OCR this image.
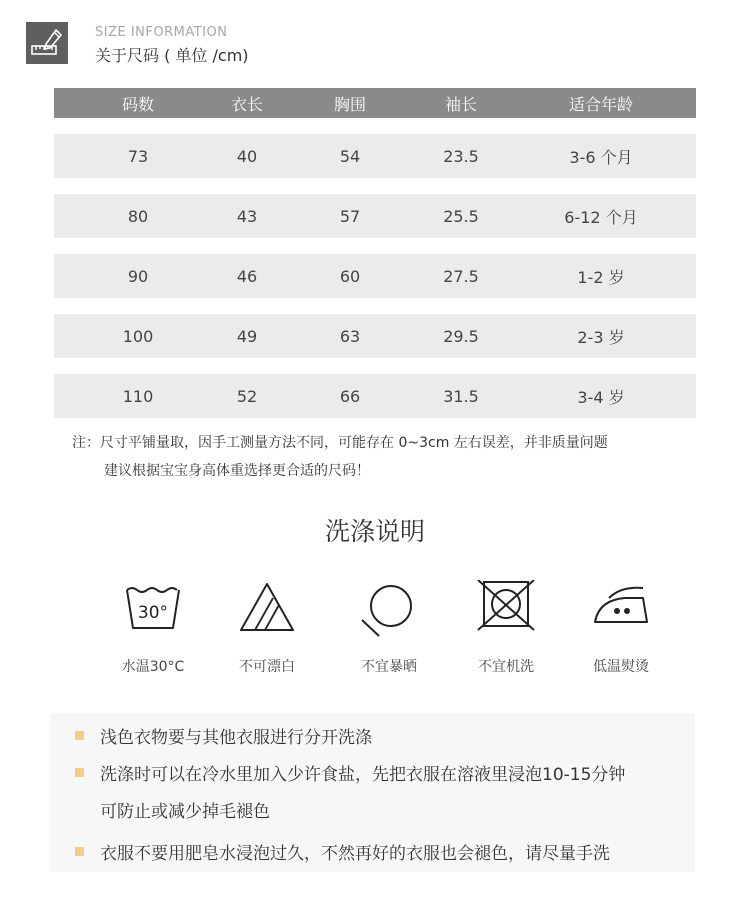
SIZE INFORMATION
关于尺码 ( 单位 /cm)
码数	衣长	胸围	袖长	适合年龄
73	40	54	23.5	3-6 个月
80	43	57	25.5	6-12 个月
90	46	60	27.5	1-2 岁
100	49	63	29.5	2-3 岁
110	52	66	31.5	3-4 岁
注：尺寸平铺量取，因手工测量方法不同，可能存在 0~3cm 左右误差，并非质量问题
建议根据宝宝身高体重选择更合适的尺码！
洗涤说明
30°
水温30°C	不可漂白	不宜暴晒	不宜机洗	低温熨烫
浅色衣物要与其他衣服进行分开洗涤
洗涤时可以在冷水里加入少许食盐，先把衣服在溶液里浸泡10-15分钟
可防止或减少掉毛褪色
衣服不要用肥皂水浸泡过久，不然再好的衣服也会褪色，请尽量手洗
